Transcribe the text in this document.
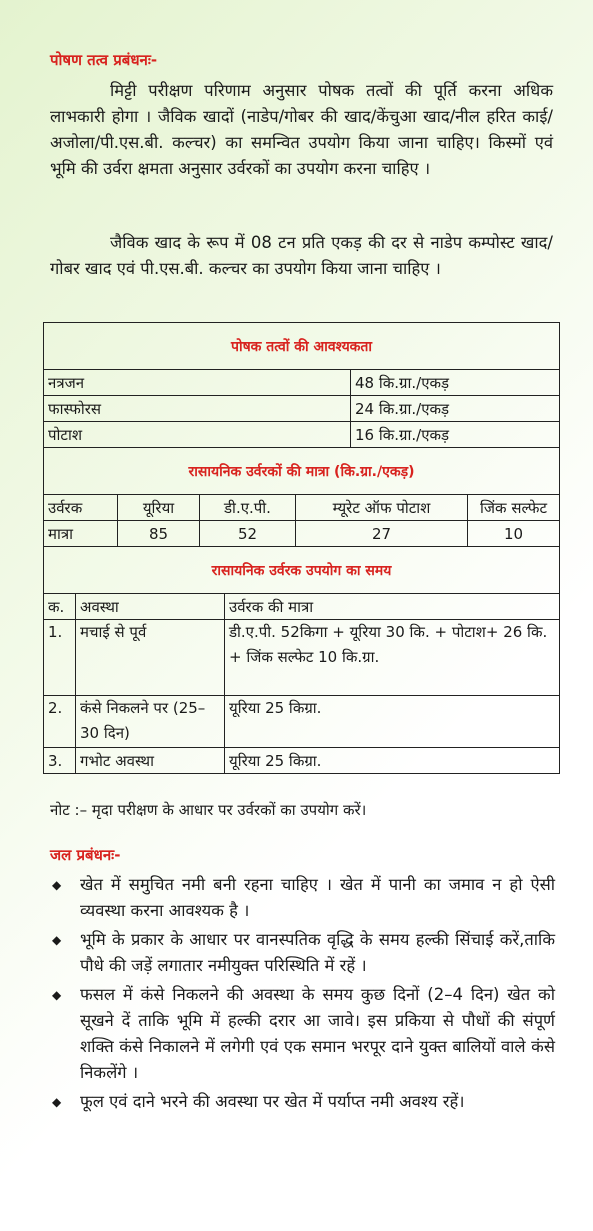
पोषण तत्व प्रबंधनः-

मिट्टी परीक्षण परिणाम अनुसार पोषक तत्वों की पूर्ति करना अधिक लाभकारी होगा । जैविक खादों (नाडेप/गोबर की खाद/केंचुआ खाद/नील हरित काई/अजोला/पी.एस.बी. कल्चर) का समन्वित उपयोग किया जाना चाहिए। किस्मों एवं भूमि की उर्वरा क्षमता अनुसार उर्वरकों का उपयोग करना चाहिए ।

जैविक खाद के रूप में 08 टन प्रति एकड़ की दर से नाडेप कम्पोस्ट खाद/गोबर खाद एवं पी.एस.बी. कल्चर का उपयोग किया जाना चाहिए ।

पोषक तत्वों की आवश्यकता							
नत्रजन						48 कि.ग्रा./एकड़	
फास्फोरस						24 कि.ग्रा./एकड़	
पोटाश						16 कि.ग्रा./एकड़	
रासायनिक उर्वरकों की मात्रा (कि.ग्रा./एकड़)							
उर्वरक		यूरिया	डी.ए.पी.		म्यूरेट ऑफ पोटाश		जिंक सल्फेट
मात्रा		85	52		27		10
रासायनिक उर्वरक उपयोग का समय							
क.	अवस्था			उर्वरक की मात्रा			
1.	मचाई से पूर्व			डी.ए.पी. 52किगा + यूरिया 30 कि. + पोटाश+ 26 कि. + जिंक सल्फेट 10 कि.ग्रा.			
2.	कंसे निकलने पर (25–30 दिन)			यूरिया 25 किग्रा.			
3.	गभोट अवस्था			यूरिया 25 किग्रा.			
नोट :– मृदा परीक्षण के आधार पर उर्वरकों का उपयोग करें।
जल प्रबंधनः-
◆ खेत में समुचित नमी बनी रहना चाहिए । खेत में पानी का जमाव न हो ऐसी व्यवस्था करना आवश्यक है ।
◆ भूमि के प्रकार के आधार पर वानस्पतिक वृद्धि के समय हल्की सिंचाई करें,ताकि पौधे की जड़ें लगातार नमीयुक्त परिस्थिति में रहें ।
◆ फसल में कंसे निकलने की अवस्था के समय कुछ दिनों (2–4 दिन) खेत को सूखने दें ताकि भूमि में हल्की दरार आ जावे। इस प्रकिया से पौधों की संपूर्ण शक्ति कंसे निकालने में लगेगी एवं एक समान भरपूर दाने युक्त बालियों वाले कंसे निकलेंगे ।
◆ फूल एवं दाने भरने की अवस्था पर खेत में पर्याप्त नमी अवश्य रहें।
